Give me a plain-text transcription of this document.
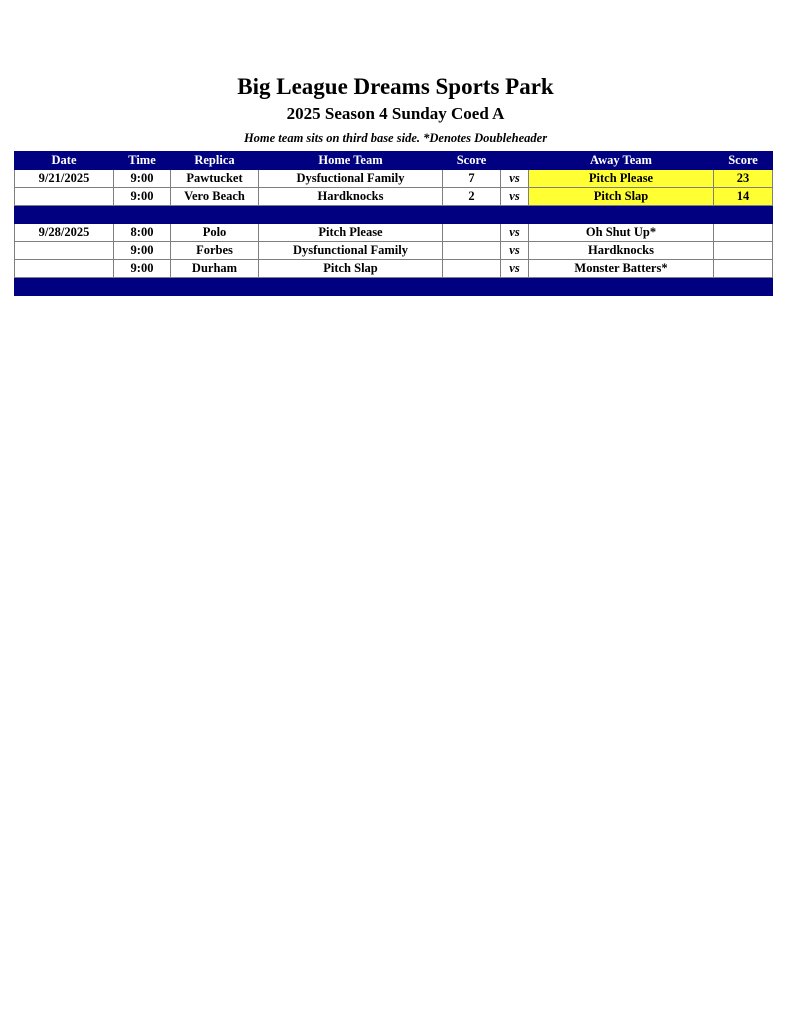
Big League Dreams Sports Park
2025 Season 4 Sunday Coed A
Home team sits on third base side. *Denotes Doubleheader
Date	Time	Replica	Home Team	Score		Away Team	Score
9/21/2025	9:00	Pawtucket	Dysfuctional Family	7	vs	Pitch Please	23
	9:00	Vero Beach	Hardknocks	2	vs	Pitch Slap	14

9/28/2025	8:00	Polo	Pitch Please		vs	Oh Shut Up*	
	9:00	Forbes	Dysfunctional Family		vs	Hardknocks	
	9:00	Durham	Pitch Slap		vs	Monster Batters*	
